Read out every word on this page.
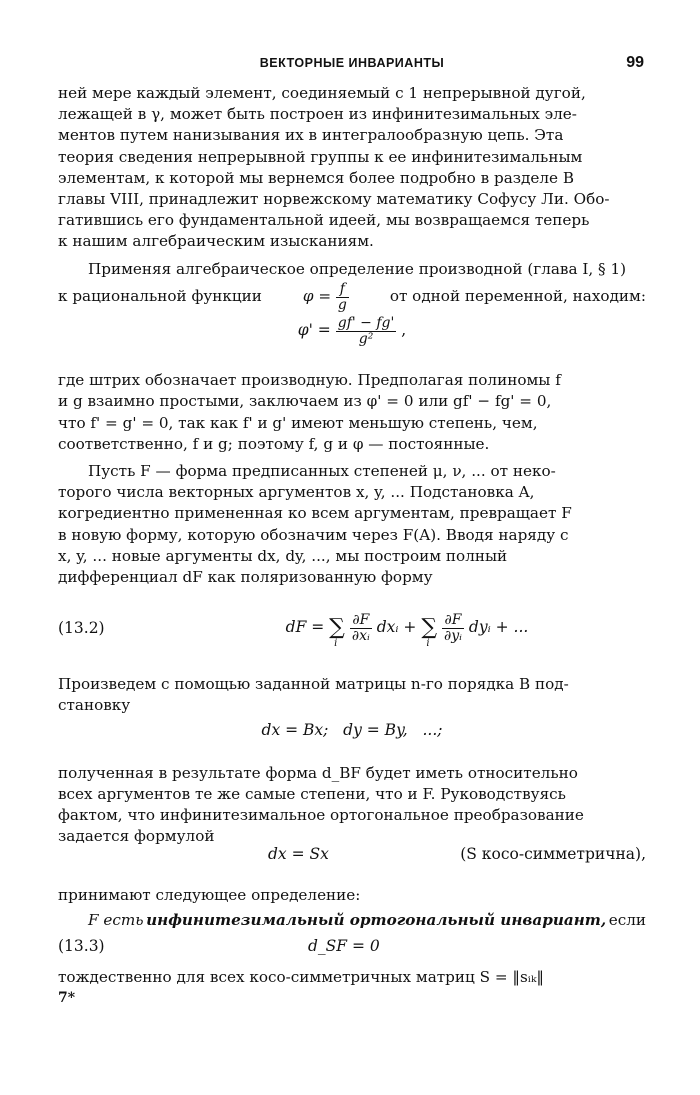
ВЕКТОРНЫЕ ИНВАРИАНТЫ	99

ней мере каждый элемент, соединяемый с 1 непрерывной дугой,

лежащей в γ, может быть построен из инфинитезимальных эле-

ментов путем нанизывания их в интегралообразную цепь. Эта

теория сведения непрерывной группы к ее инфинитезимальным

элементам, к которой мы вернемся более подробно в разделе В

главы VIII, принадлежит норвежскому математику Софусу Ли. Обо-

гатившись его фундаментальной идеей, мы возвращаемся теперь

к нашим алгебраическим изысканиям.

Применяя алгебраическое определение производной (глава I, § 1)

к рациональной функции	$\varphi = \frac{f}{g}$	от одной переменной, находим:
$\varphi' = \frac{gf' - fg'}{\text{g²}}$ ,

где штрих обозначает производную. Предполагая полиномы f

и g взаимно простыми, заключаем из φ' = 0 или gf' − fg' = 0,

что f' = g' = 0, так как f' и g' имеют меньшую степень, чем,

соответственно, f и g; поэтому f, g и φ — постоянные.

Пусть F — форма предписанных степеней μ, ν, ... от неко-

торого числа векторных аргументов x, y, ... Подстановка A,

когредиентно примененная ко всем аргументам, превращает F

в новую форму, которую обозначим через F(A). Вводя наряду с

x, y, ... новые аргументы dx, dy, ..., мы построим полный

дифференциал dF как поляризованную форму

(13.2)	dF = ∑
i

$\frac{\partial F}{\text{∂xᵢ}}$ dxᵢ + ∑
i

$\frac{\partial F}{\text{∂yᵢ}}$ dyᵢ + ...

Произведем с помощью заданной матрицы n-го порядка B под-

становку

dx = Bx;   dy = By,   ...;

полученная в результате форма d_BF будет иметь относительно

всех аргументов те же самые степени, что и F. Руководствуясь

фактом, что инфинитезимальное ортогональное преобразование

задается формулой

dx = Sx	(S косо-симметрична),

принимают следующее определение:

F есть инфинитезимальный ортогональный инвариант, если
(13.3)	d_SF = 0

тождественно для всех косо-симметричных матриц S = ‖sᵢₖ‖

7*
